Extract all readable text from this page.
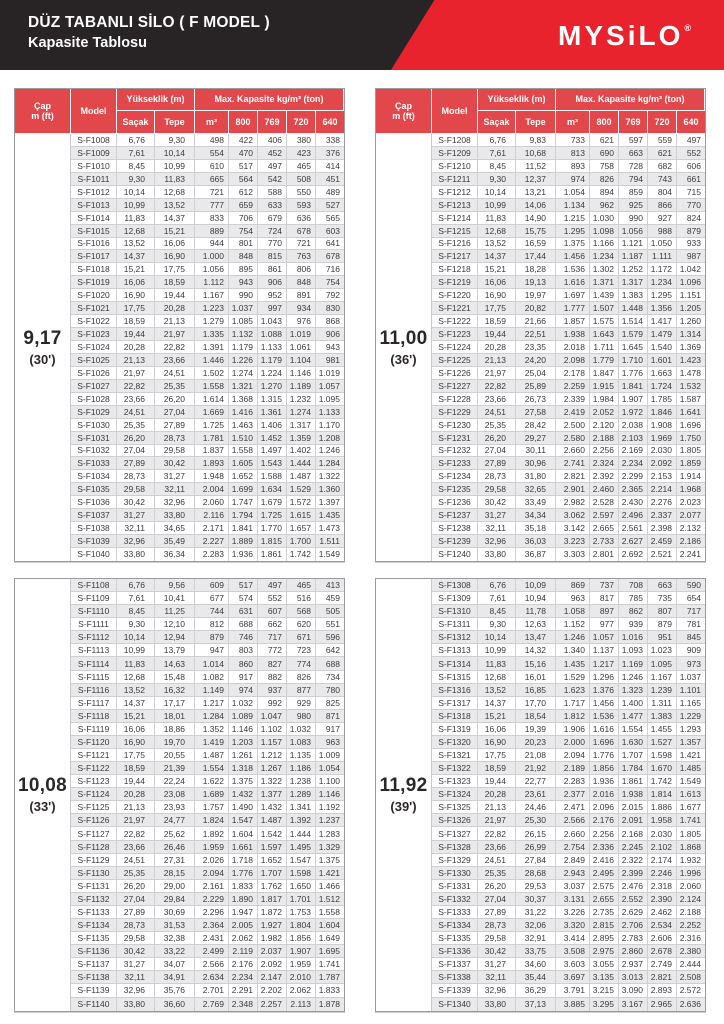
DÜZ TABANLI SİLO ( F MODEL )
Kapasite Tablosu	MYSiLO®
Çap
m (ft)
Model
Yükseklik (m)	Max. Kapasite kg/m³ (ton)
Saçak	Tepe	m³	800	769	720	640
9,17
(30')
S-F1008	6,76	9,30	498	422	406	380	338
S-F1009	7,61	10,14	554	470	452	423	376
S-F1010	8,45	10,99	610	517	497	465	414
S-F1011	9,30	11,83	665	564	542	508	451
S-F1012	10,14	12,68	721	612	588	550	489
S-F1013	10,99	13,52	777	659	633	593	527
S-F1014	11,83	14,37	833	706	679	636	565
S-F1015	12,68	15,21	889	754	724	678	603
S-F1016	13,52	16,06	944	801	770	721	641
S-F1017	14,37	16,90	1.000	848	815	763	678
S-F1018	15,21	17,75	1.056	895	861	806	716
S-F1019	16,06	18,59	1.112	943	906	848	754
S-F1020	16,90	19,44	1.167	990	952	891	792
S-F1021	17,75	20,28	1.223 1.037	997	934	830
S-F1022	18,59	21,13	1.279 1.085 1.043	976	868
S-F1023	19,44	21,97	1.335 1.132 1.088 1.019	906
S-F1024	20,28	22,82	1.391 1.179 1.133 1.061	943
S-F1025	21,13	23,66	1.446 1.226 1.179 1.104	981
S-F1026	21,97	24,51	1.502 1.274 1.224 1.146 1.019
S-F1027	22,82	25,35	1.558 1.321 1.270 1.189 1.057
S-F1028	23,66	26,20	1.614 1.368 1.315 1.232 1.095
S-F1029	24,51	27,04	1.669 1.416 1.361 1.274 1.133
S-F1030	25,35	27,89	1.725 1.463 1.406 1.317 1.170
S-F1031	26,20	28,73	1.781 1.510 1.452 1.359 1.208
S-F1032	27,04	29,58	1.837 1.558 1.497 1.402 1.246
S-F1033	27,89	30,42	1.893 1.605 1.543 1.444 1.284
S-F1034	28,73	31,27	1.948 1.652 1.588 1.487 1.322
S-F1035	29,58	32,11	2.004 1.699 1.634 1.529 1.360
S-F1036	30,42	32,96	2.060 1.747 1.679 1.572 1.397
S-F1037	31,27	33,80	2.116 1.794 1.725 1.615 1.435
S-F1038	32,11	34,65	2.171 1.841 1.770 1.657 1.473
S-F1039	32,96	35,49	2.227 1.889 1.815 1.700 1.511
S-F1040	33,80	36,34	2.283 1.936 1.861 1.742 1.549
Çap
m (ft)
Model
Yükseklik (m)	Max. Kapasite kg/m³ (ton)
Saçak	Tepe	m³	800	769	720	640
11,00
(36')
S-F1208	6,76	9,83	733	621	597	559	497
S-F1209	7,61	10,68	813	690	663	621	552
S-F1210	8,45	11,52	893	758	728	682	606
S-F1211	9,30	12,37	974	826	794	743	661
S-F1212	10,14	13,21	1.054	894	859	804	715
S-F1213	10,99	14,06	1.134	962	925	866	770
S-F1214	11,83	14,90	1.215 1.030	990	927	824
S-F1215	12,68	15,75	1.295 1.098 1.056	988	879
S-F1216	13,52	16,59	1.375 1.166 1.121 1.050	933
S-F1217	14,37	17,44	1.456 1.234 1.187	1.111	987
S-F1218	15,21	18,28	1.536 1.302 1.252 1.172 1.042
S-F1219	16,06	19,13	1.616 1.371 1.317 1.234 1.096
S-F1220	16,90	19,97	1.697 1.439 1.383 1.295 1.151
S-F1221	17,75	20,82	1.777 1.507 1.448 1.356 1.205
S-F1222	18,59	21,66	1.857 1.575 1.514 1.417 1.260
S-F1223	19,44	22,51	1.938 1.643 1.579 1.479 1.314
S-F1224	20,28	23,35	2.018 1.711 1.645 1.540 1.369
S-F1225	21,13	24,20	2.098 1.779 1.710 1.601 1.423
S-F1226	21,97	25,04	2.178 1.847 1.776 1.663 1.478
S-F1227	22,82	25,89	2.259 1.915 1.841 1.724 1.532
S-F1228	23,66	26,73	2.339 1.984 1.907 1.785 1.587
S-F1229	24,51	27,58	2.419 2.052 1.972 1.846 1.641
S-F1230	25,35	28,42	2.500 2.120 2.038 1.908 1.696
S-F1231	26,20	29,27	2.580 2.188 2.103 1.969 1.750
S-F1232	27,04	30,11	2.660 2.256 2.169 2.030 1.805
S-F1233	27,89	30,96	2.741 2.324 2.234 2.092 1.859
S-F1234	28,73	31,80	2.821 2.392 2.299 2.153 1.914
S-F1235	29,58	32,65	2.901 2.460 2.365 2.214 1.968
S-F1236	30,42	33,49	2.982 2.528 2.430 2.276 2.023
S-F1237	31,27	34,34	3.062 2.597 2.496 2.337 2.077
S-F1238	32,11	35,18	3.142 2.665 2.561 2.398 2.132
S-F1239	32,96	36,03	3.223 2.733 2.627 2.459 2.186
S-F1240	33,80	36,87	3.303 2.801 2.692 2.521 2.241
10,08
(33')
S-F1108	6,76	9,56	609	517	497	465	413
S-F1109	7,61	10,41	677	574	552	516	459
S-F1110	8,45	11,25	744	631	607	568	505
S-F1111	9,30	12,10	812	688	662	620	551
S-F1112	10,14	12,94	879	746	717	671	596
S-F1113	10,99	13,79	947	803	772	723	642
S-F1114	11,83	14,63	1.014	860	827	774	688
S-F1115	12,68	15,48	1.082	917	882	826	734
S-F1116	13,52	16,32	1.149	974	937	877	780
S-F1117	14,37	17,17	1.217 1.032	992	929	825
S-F1118	15,21	18,01	1.284 1.089 1.047	980	871
S-F1119	16,06	18,86	1.352 1.146 1.102 1.032	917
S-F1120	16,90	19,70	1.419 1.203 1.157 1.083	963
S-F1121	17,75	20,55	1.487 1.261 1.212 1.135 1.009
S-F1122	18,59	21,39	1.554 1.318 1.267 1.186 1.054
S-F1123	19,44	22,24	1.622 1.375 1.322 1.238 1.100
S-F1124	20,28	23,08	1.689 1.432 1.377 1.289 1.146
S-F1125	21,13	23,93	1.757 1.490 1.432 1.341 1.192
S-F1126	21,97	24,77	1.824 1.547 1.487 1.392 1.237
S-F1127	22,82	25,62	1.892 1.604 1.542 1.444 1.283
S-F1128	23,66	26,46	1.959 1.661 1.597 1.495 1.329
S-F1129	24,51	27,31	2.026 1.718 1.652 1.547 1.375
S-F1130	25,35	28,15	2.094 1.776 1.707 1.598 1.421
S-F1131	26,20	29,00	2.161 1.833 1.762 1.650 1.466
S-F1132	27,04	29,84	2.229 1.890 1.817 1.701 1.512
S-F1133	27,89	30,69	2.296 1.947 1.872 1.753 1.558
S-F1134	28,73	31,53	2.364 2.005 1.927 1.804 1.604
S-F1135	29,58	32,38	2.431 2.062 1.982 1.856 1.649
S-F1136	30,42	33,22	2.499 2.119 2.037 1.907 1.695
S-F1137	31,27	34,07	2.566 2.176 2.092 1.959 1.741
S-F1138	32,11	34,91	2.634 2.234 2.147 2.010 1.787
S-F1139	32,96	35,76	2.701 2.291 2.202 2.062 1.833
S-F1140	33,80	36,60	2.769 2.348 2.257 2.113 1.878
11,92
(39')
S-F1308	6,76	10,09	869	737	708	663	590
S-F1309	7,61	10,94	963	817	785	735	654
S-F1310	8,45	11,78	1.058	897	862	807	717
S-F1311	9,30	12,63	1.152	977	939	879	781
S-F1312	10,14	13,47	1.246 1.057 1.016	951	845
S-F1313	10,99	14,32	1.340 1.137 1.093 1.023	909
S-F1314	11,83	15,16	1.435 1.217 1.169 1.095	973
S-F1315	12,68	16,01	1.529 1.296 1.246 1.167 1.037
S-F1316	13,52	16,85	1.623 1.376 1.323 1.239 1.101
S-F1317	14,37	17,70	1.717 1.456 1.400 1.311 1.165
S-F1318	15,21	18,54	1.812 1.536 1.477 1.383 1.229
S-F1319	16,06	19,39	1.906 1.616 1.554 1.455 1.293
S-F1320	16,90	20,23	2.000 1.696 1.630 1.527 1.357
S-F1321	17,75	21,08	2.094 1.776 1.707 1.598 1.421
S-F1322	18,59	21,92	2.189 1.856 1.784 1.670 1.485
S-F1323	19,44	22,77	2.283 1.936 1.861 1.742 1.549
S-F1324	20,28	23,61	2.377 2.016 1.938 1.814 1.613
S-F1325	21,13	24,46	2.471 2.096 2.015 1.886 1.677
S-F1326	21,97	25,30	2.566 2.176 2.091 1.958 1.741
S-F1327	22,82	26,15	2.660 2.256 2.168 2.030 1.805
S-F1328	23,66	26,99	2.754 2.336 2.245 2.102 1.868
S-F1329	24,51	27,84	2.849 2.416 2.322 2.174 1.932
S-F1330	25,35	28,68	2.943 2.495 2.399 2.246 1.996
S-F1331	26,20	29,53	3.037 2.575 2.476 2.318 2.060
S-F1332	27,04	30,37	3.131 2.655 2.552 2.390 2.124
S-F1333	27,89	31,22	3.226 2.735 2.629 2.462 2.188
S-F1334	28,73	32,06	3.320 2.815 2.706 2.534 2.252
S-F1335	29,58	32,91	3.414 2.895 2.783 2.606 2.316
S-F1336	30,42	33,75	3.508 2.975 2.860 2.678 2.380
S-F1337	31,27	34,60	3.603 3.055 2.937 2.749 2.444
S-F1338	32,11	35,44	3.697 3.135 3.013 2.821 2.508
S-F1339	32,96	36,29	3.791 3.215 3.090 2.893 2.572
S-F1340	33,80	37,13	3.885 3.295 3.167 2.965 2.636
